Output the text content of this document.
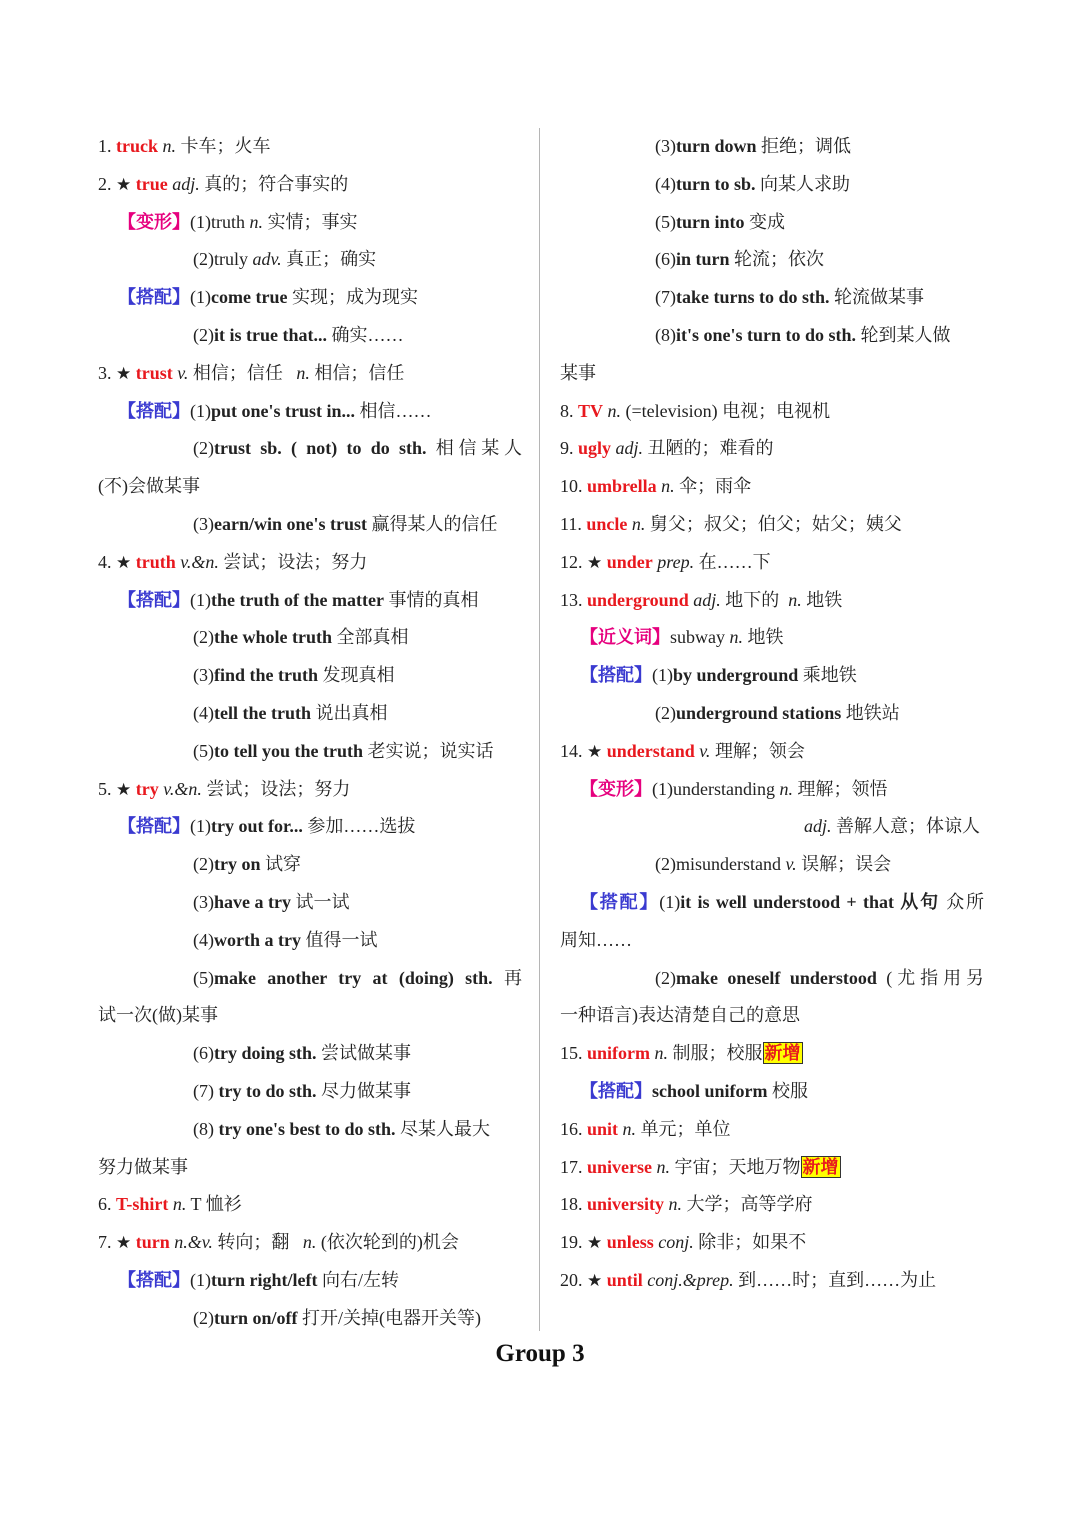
1. truck n. 卡车；火车
2. ★ true adj. 真的；符合事实的
【变形】(1)truth n. 实情；事实
(2)truly adv. 真正；确实
【搭配】(1)come true 实现；成为现实
(2)it is true that... 确实……
3. ★ trust v. 相信；信任 n. 相信；信任
【搭配】(1)put one's trust in... 相信……
(2)trust sb. ( not) to do sth. 相信某人
(不)会做某事
(3)earn/win one's trust 赢得某人的信任
4. ★ truth v.&n. 尝试；设法；努力
【搭配】(1)the truth of the matter 事情的真相
(2)the whole truth 全部真相
(3)find the truth 发现真相
(4)tell the truth 说出真相
(5)to tell you the truth 老实说；说实话
5. ★ try v.&n. 尝试；设法；努力
【搭配】(1)try out for... 参加……选拔
(2)try on 试穿
(3)have a try 试一试
(4)worth a try 值得一试
(5)make another try at (doing) sth. 再
试一次(做)某事
(6)try doing sth. 尝试做某事
(7) try to do sth. 尽力做某事
(8) try one's best to do sth. 尽某人最大
努力做某事
6. T-shirt n. T 恤衫
7. ★ turn n.&v. 转向；翻 n. (依次轮到的)机会
【搭配】(1)turn right/left 向右/左转
(2)turn on/off 打开/关掉(电器开关等)
(3)turn down 拒绝；调低
(4)turn to sb. 向某人求助
(5)turn into 变成
(6)in turn 轮流；依次
(7)take turns to do sth. 轮流做某事
(8)it's one's turn to do sth. 轮到某人做
某事
8. TV n. (=television) 电视；电视机
9. ugly adj. 丑陋的；难看的
10. umbrella n. 伞；雨伞
11. uncle n. 舅父；叔父；伯父；姑父；姨父
12. ★ under prep. 在……下
13. underground adj. 地下的 n. 地铁
【近义词】subway n. 地铁
【搭配】(1)by underground 乘地铁
(2)underground stations 地铁站
14. ★ understand v. 理解；领会
【变形】(1)understanding n. 理解；领悟
adj. 善解人意；体谅人
(2)misunderstand v. 误解；误会
【搭配】(1)it is well understood + that 从句 众所
周知……
(2)make oneself understood (尤指用另
一种语言)表达清楚自己的意思
15. uniform n. 制服；校服 新增
【搭配】school uniform 校服
16. unit n. 单元；单位
17. universe n. 宇宙；天地万物 新增
18. university n. 大学；高等学府
19. ★ unless conj. 除非；如果不
20. ★ until conj.&prep. 到……时；直到……为止
Group 3
